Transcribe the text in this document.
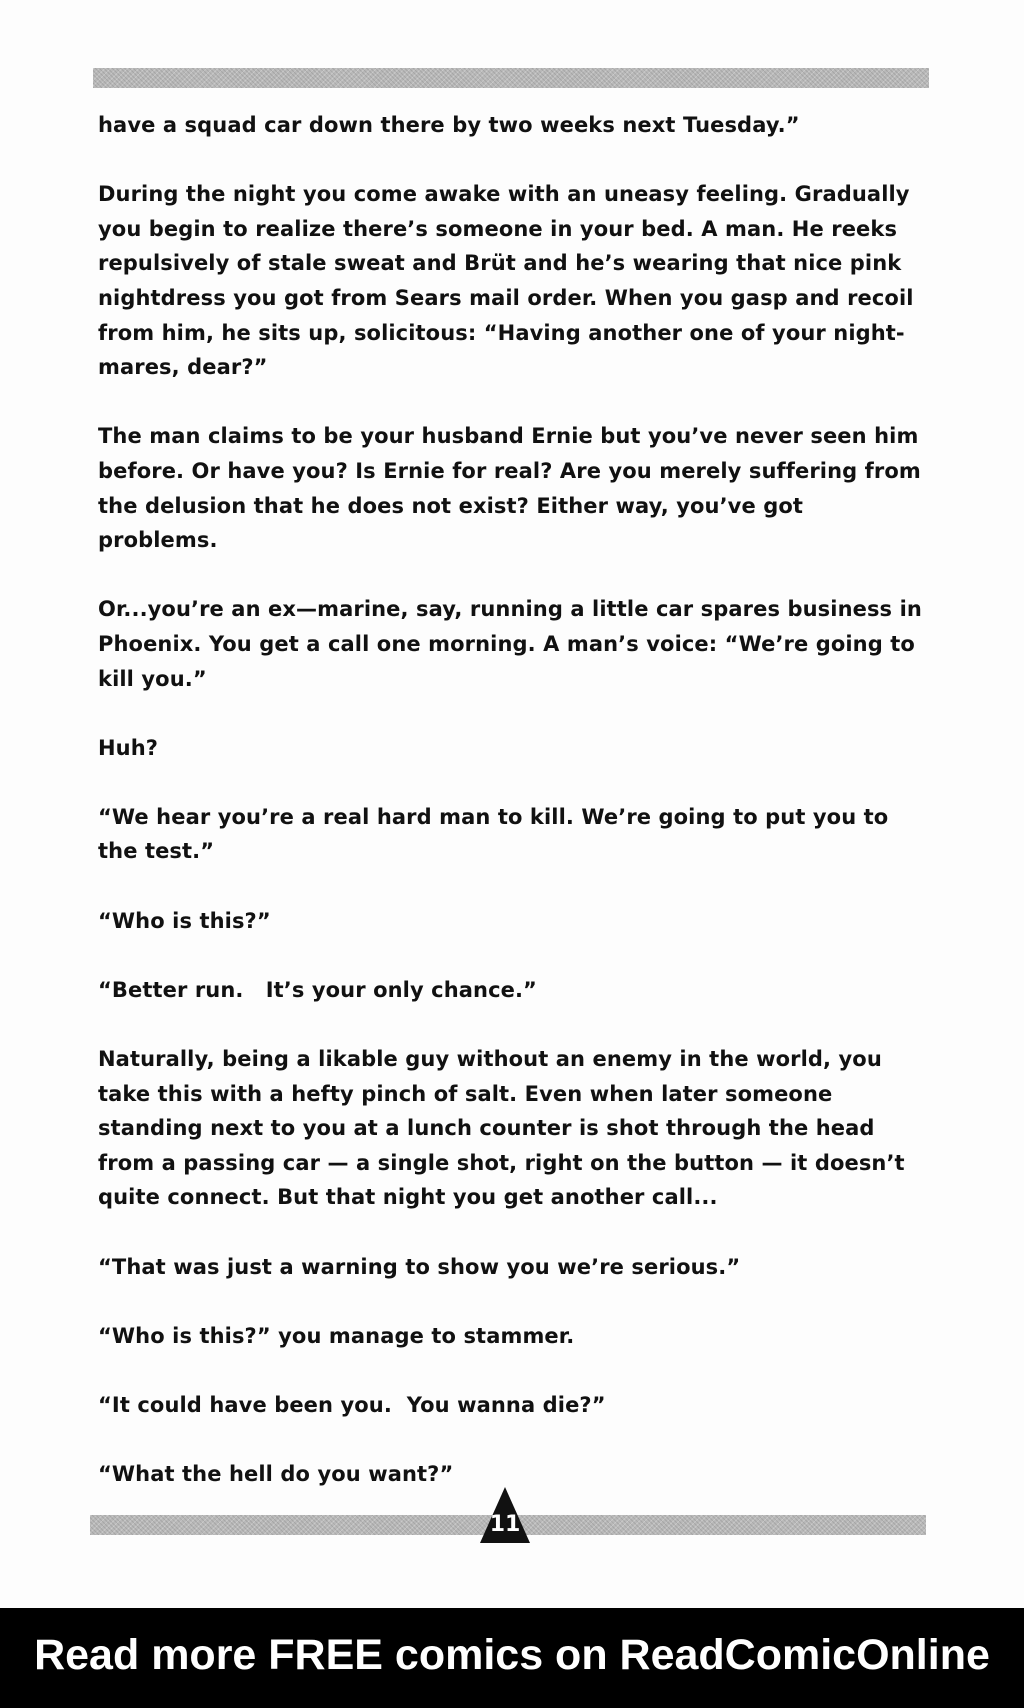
have a squad car down there by two weeks next Tuesday.”

During the night you come awake with an uneasy feeling. Gradually you begin to realize there’s someone in your bed. A man. He reeks repulsively of stale sweat and Brüt and he’s wearing that nice pink nightdress you got from Sears mail order. When you gasp and recoil from him, he sits up, solicitous: “Having another one of your night-mares, dear?”

The man claims to be your husband Ernie but you’ve never seen him before. Or have you? Is Ernie for real? Are you merely suffering from the delusion that he does not exist? Either way, you’ve got problems.

Or...you’re an ex—marine, say, running a little car spares business in Phoenix. You get a call one morning. A man’s voice: “We’re going to kill you.”

Huh?

“We hear you’re a real hard man to kill. We’re going to put you to the test.”

“Who is this?”

“Better run.   It’s your only chance.”

Naturally, being a likable guy without an enemy in the world, you take this with a hefty pinch of salt. Even when later someone standing next to you at a lunch counter is shot through the head from a passing car — a single shot, right on the button — it doesn’t quite connect. But that night you get another call...

“That was just a warning to show you we’re serious.”

“Who is this?” you manage to stammer.

“It could have been you.  You wanna die?”

“What the hell do you want?”

11
Read more FREE comics on ReadComicOnline
